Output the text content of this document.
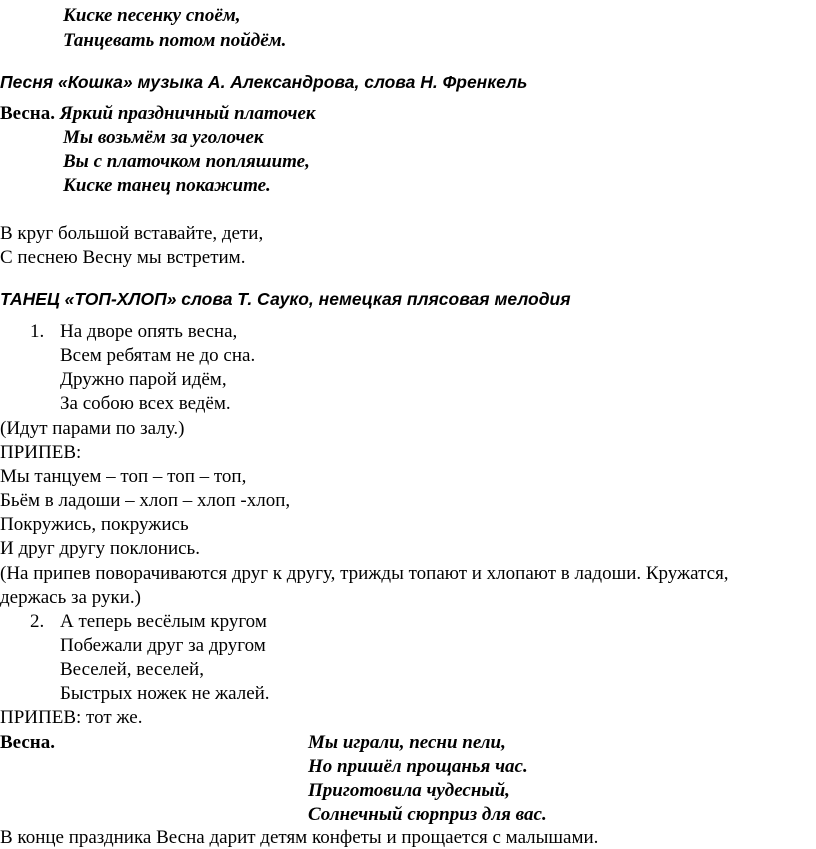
Киске песенку споём,
Танцевать потом пойдём.
Песня «Кошка» музыка А. Александрова, слова Н. Френкель
Весна. Яркий праздничный платочек
Мы возьмём за уголочек
Вы с платочком попляшите,
Киске танец покажите.
В круг большой вставайте, дети,
С песнею Весну мы встретим.
ТАНЕЦ «ТОП-ХЛОП» слова Т. Сауко, немецкая плясовая мелодия
1. На дворе опять весна,
Всем ребятам не до сна.
Дружно парой идём,
За собою всех ведём.
(Идут парами по залу.)
ПРИПЕВ:
Мы танцуем – топ – топ – топ,
Бьём в ладоши – хлоп – хлоп -хлоп,
Покружись, покружись
И друг другу поклонись.
(На припев поворачиваются друг к другу, трижды топают и хлопают в ладоши. Кружатся,
держась за руки.)
2. А теперь весёлым кругом
Побежали друг за другом
Веселей, веселей,
Быстрых ножек не жалей.
ПРИПЕВ: тот же.
Весна.	Мы играли, песни пели,
Но пришёл прощанья час.
Приготовила чудесный,
Солнечный сюрприз для вас.
В конце праздника Весна дарит детям конфеты и прощается с малышами.
